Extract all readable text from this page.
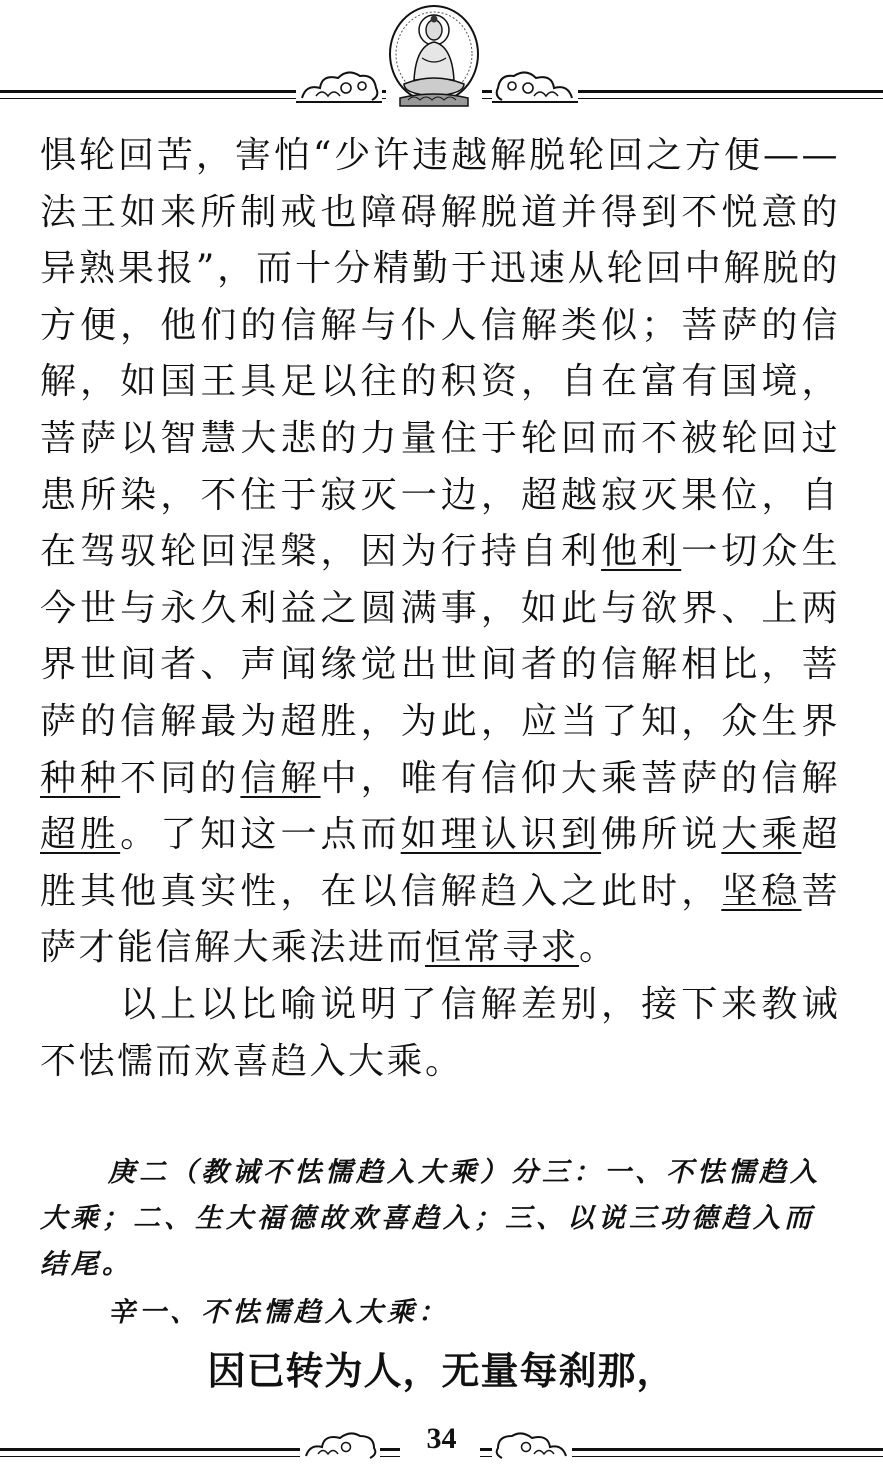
惧轮回苦，害怕“少许违越解脱轮回之方便——法王如来所制戒也障碍解脱道并得到不悦意的异熟果报”，而十分精勤于迅速从轮回中解脱的方便，他们的信解与仆人信解类似；菩萨的信解，如国王具足以往的积资，自在富有国境，菩萨以智慧大悲的力量住于轮回而不被轮回过患所染，不住于寂灭一边，超越寂灭果位，自在驾驭轮回涅槃，因为行持自利他利一切众生今世与永久利益之圆满事，如此与欲界、上两界世间者、声闻缘觉出世间者的信解相比，菩萨的信解最为超胜，为此，应当了知，众生界种种不同的信解中，唯有信仰大乘菩萨的信解超胜。了知这一点而如理认识到佛所说大乘超胜其他真实性，在以信解趋入之此时，坚稳菩萨才能信解大乘法进而恒常寻求。

以上以比喻说明了信解差别，接下来教诫不怯懦而欢喜趋入大乘。

庚二（教诫不怯懦趋入大乘）分三：一、不怯懦趋入大乘；二、生大福德故欢喜趋入；三、以说三功德趋入而结尾。
辛一、不怯懦趋入大乘：
因已转为人，无量每刹那，
34
